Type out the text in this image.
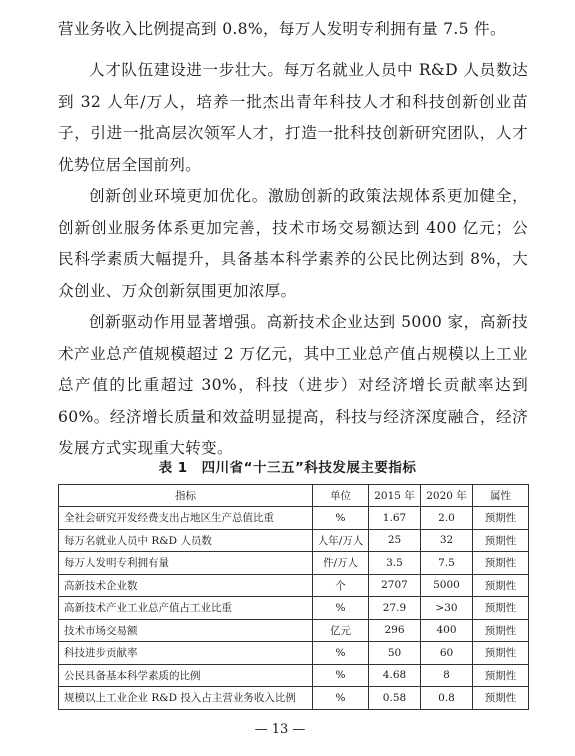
营业务收入比例提高到 0.8%，每万人发明专利拥有量 7.5 件。

人才队伍建设进一步壮大。每万名就业人员中 R&D 人员数达到 32 人年/万人，培养一批杰出青年科技人才和科技创新创业苗子，引进一批高层次领军人才，打造一批科技创新研究团队，人才优势位居全国前列。

创新创业环境更加优化。激励创新的政策法规体系更加健全，创新创业服务体系更加完善，技术市场交易额达到 400 亿元；公民科学素质大幅提升，具备基本科学素养的公民比例达到 8%，大众创业、万众创新氛围更加浓厚。

创新驱动作用显著增强。高新技术企业达到 5000 家，高新技术产业总产值规模超过 2 万亿元，其中工业总产值占规模以上工业总产值的比重超过 30%，科技（进步）对经济增长贡献率达到 60%。经济增长质量和效益明显提高，科技与经济深度融合，经济发展方式实现重大转变。

表 1　四川省“十三五”科技发展主要指标
指标	单位	2015 年	2020 年	属性
全社会研究开发经费支出占地区生产总值比重	%	1.67	2.0	预期性
每万名就业人员中 R&D 人员数	人年/万人	25	32	预期性
每万人发明专利拥有量	件/万人	3.5	7.5	预期性
高新技术企业数	个	2707	5000	预期性
高新技术产业工业总产值占工业比重	%	27.9	>30	预期性
技术市场交易额	亿元	296	400	预期性
科技进步贡献率	%	50	60	预期性
公民具备基本科学素质的比例	%	4.68	8	预期性
规模以上工业企业 R&D 投入占主营业务收入比例	%	0.58	0.8	预期性
— 13 —
